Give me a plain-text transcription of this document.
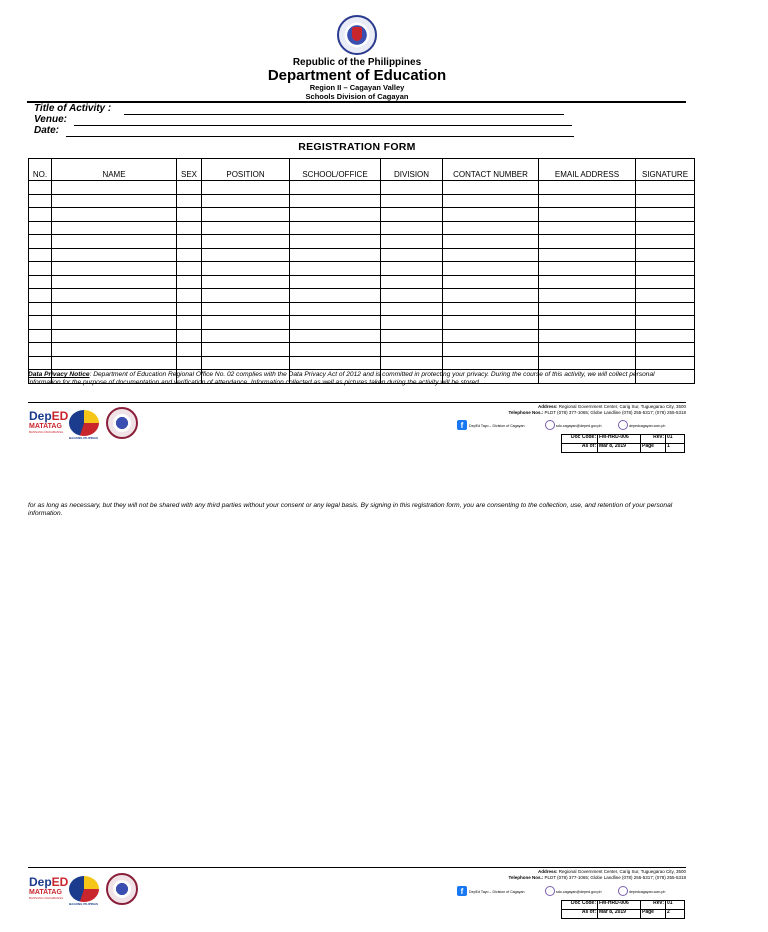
Republic of the Philippines
Department of Education
Region II – Cagayan Valley
Schools Division of Cagayan
Title of Activity :
Venue:
Date:
REGISTRATION FORM
NO.	NAME	SEX	POSITION	SCHOOL/OFFICE	DIVISION	CONTACT NUMBER	EMAIL ADDRESS	SIGNATURE

Data Privacy Notice: Department of Education Regional Office No. 02 complies with the Data Privacy Act of 2012 and is committed in protecting your privacy. During the course of this activity, we will collect personal information for the purpose of documentation and verification of attendance. Information collected as well as pictures taken during the activity will be stored
DepED
MATATAG
BANSANG MAKABANSA
BAGONG PILIPINAS
Address: Regional Government Center, Carig Sur, Tuguegarao City, 3500
Telephone Nos.: PLDT (078) 377-1065; Globe Landline (078) 255-5317; (078) 255-5318
f	DepEd Tayo – Division of Cagayan	sdo.cagayan@deped.gov.ph	depedcagayan.com.ph
Doc Code:	FM-HRD-006	Rev:	01
As of:	Mar 8, 2019	Page	1
for as long as necessary, but they will not be shared with any third parties without your consent or any legal basis. By signing in this registration form, you are consenting to the collection, use, and retention of your personal information.
DepED
MATATAG
BANSANG MAKABANSA
BAGONG PILIPINAS
Address: Regional Government Center, Carig Sur, Tuguegarao City, 3500
Telephone Nos.: PLDT (078) 377-1065; Globe Landline (078) 255-5317; (078) 255-5318
f	DepEd Tayo – Division of Cagayan	sdo.cagayan@deped.gov.ph	depedcagayan.com.ph
Doc Code:	FM-HRD-006	Rev:	01
As of:	Mar 8, 2019	Page	2
